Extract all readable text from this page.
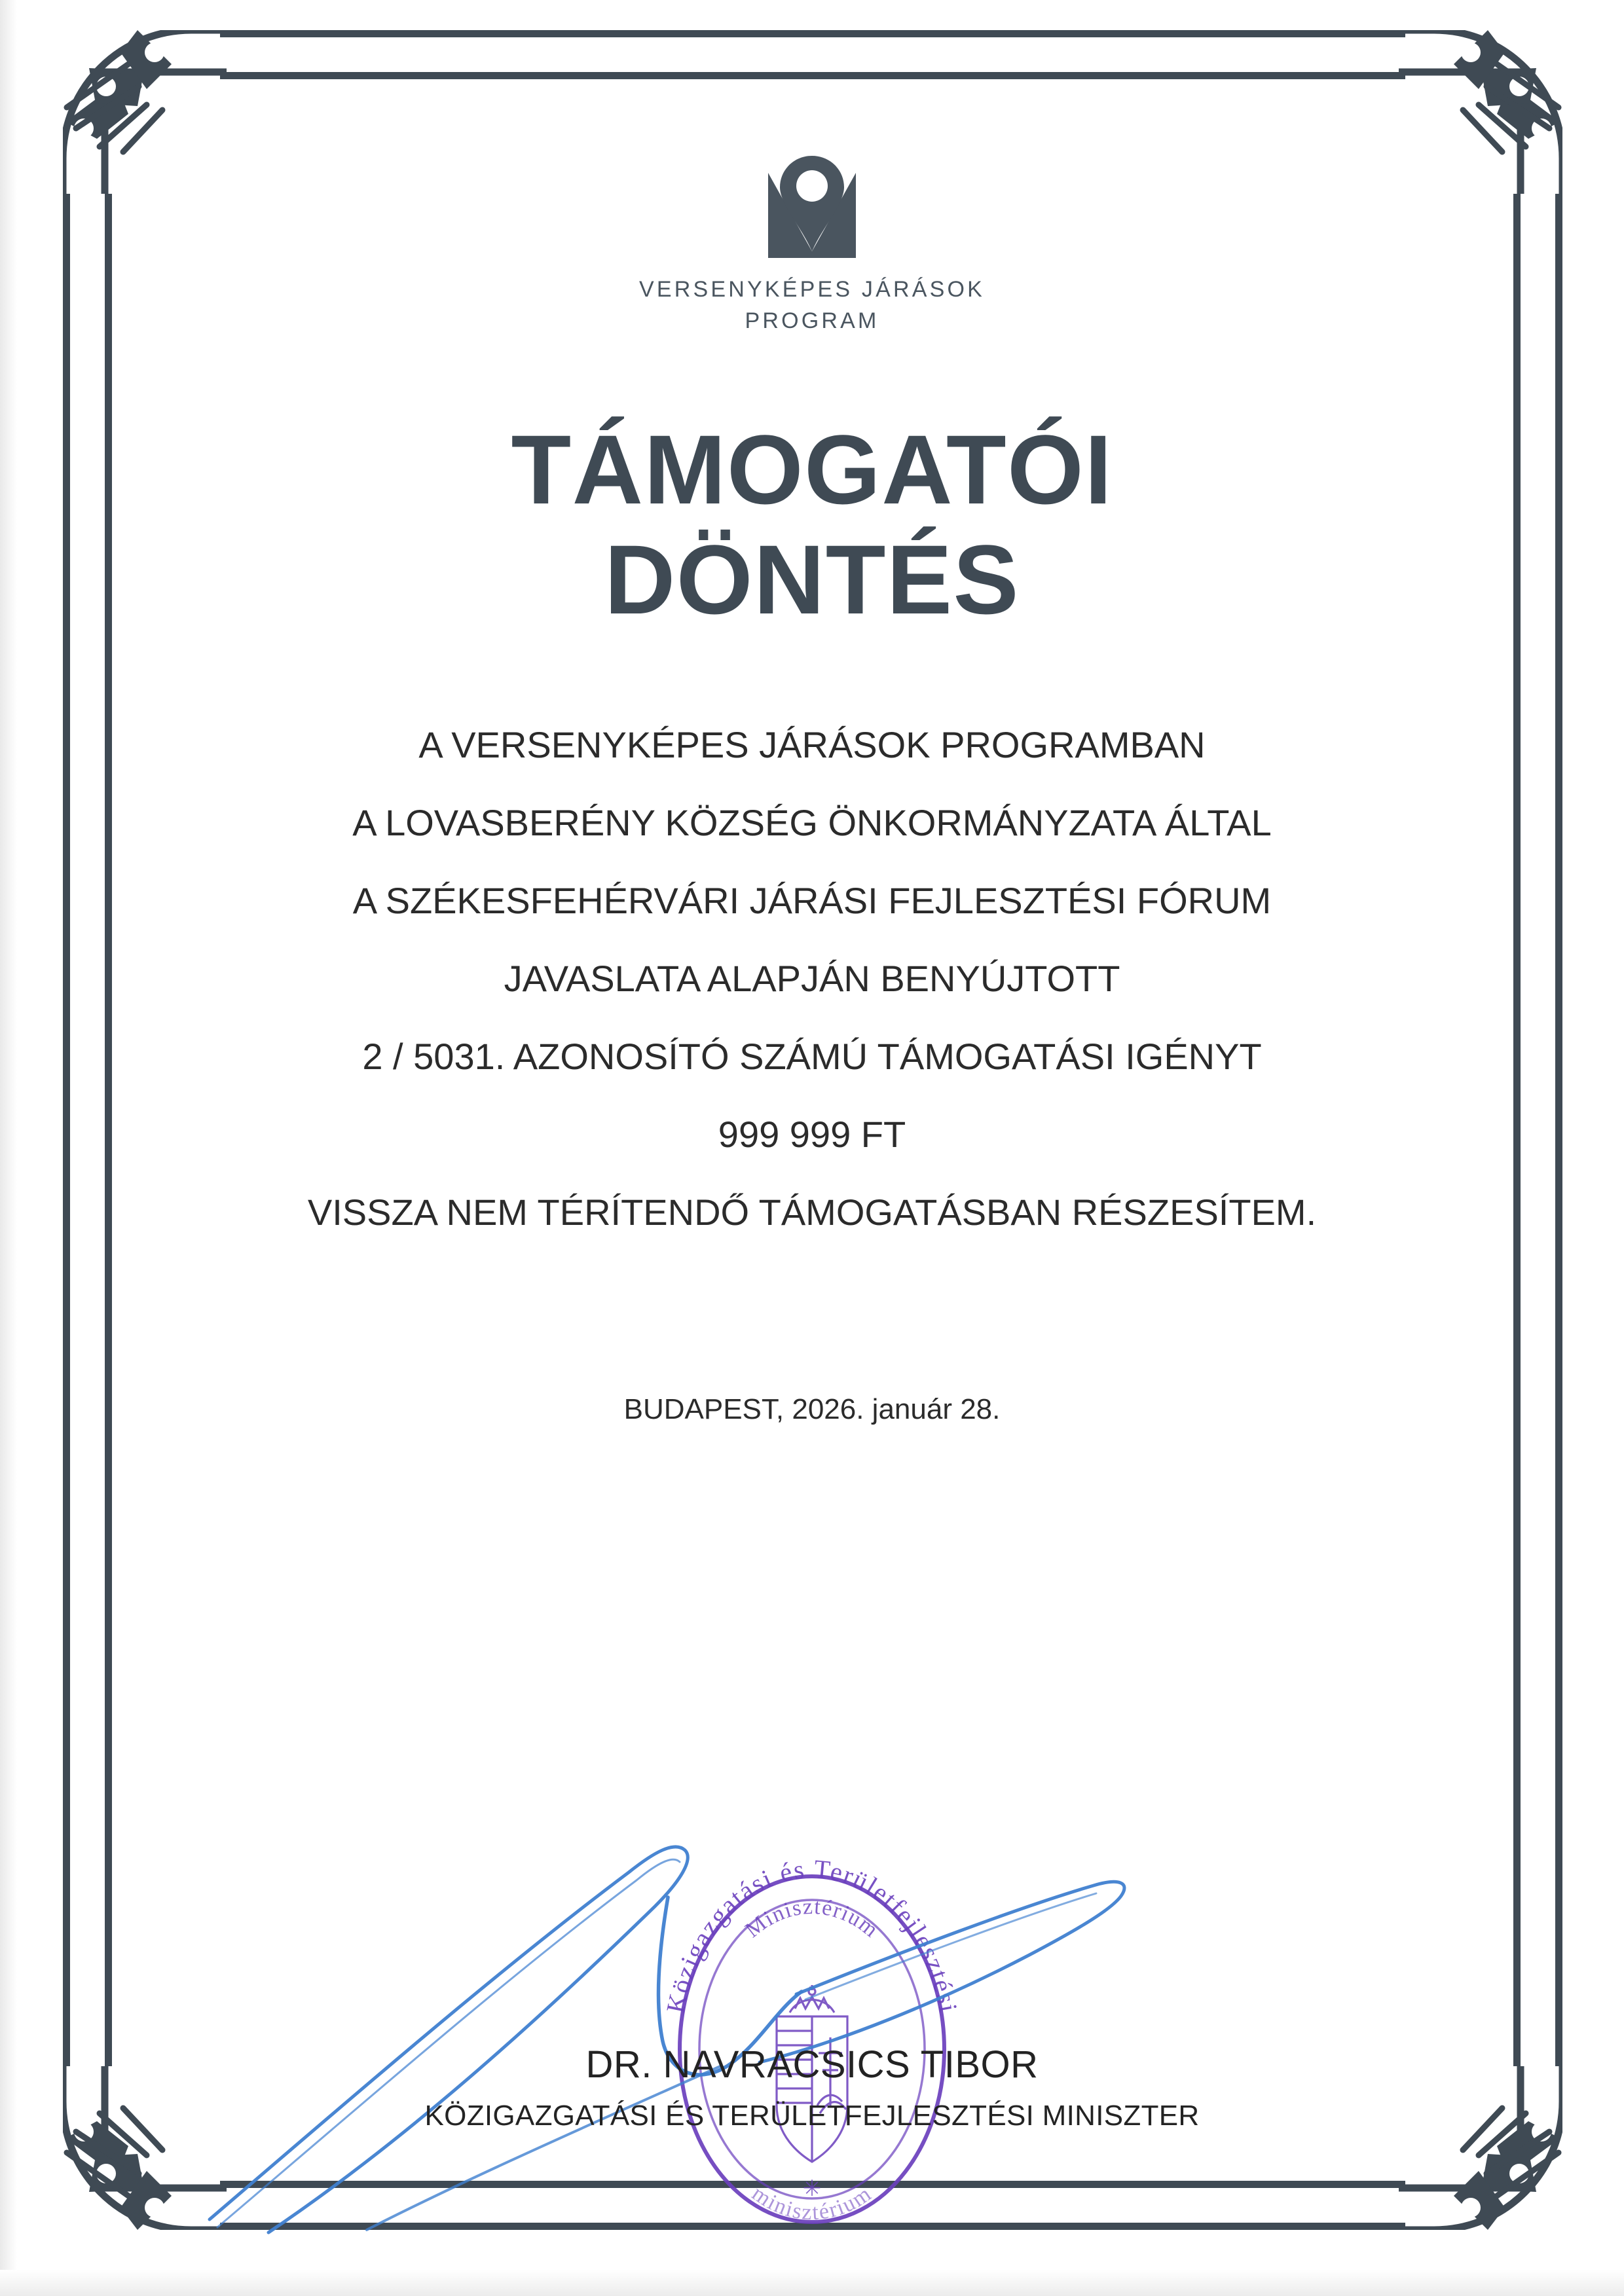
VERSENYKÉPES JÁRÁSOK
PROGRAM
TÁMOGATÓI
DÖNTÉS
A VERSENYKÉPES JÁRÁSOK PROGRAMBAN
A LOVASBERÉNY KÖZSÉG ÖNKORMÁNYZATA ÁLTAL
A SZÉKESFEHÉRVÁRI JÁRÁSI FEJLESZTÉSI FÓRUM
JAVASLATA ALAPJÁN BENYÚJTOTT
2 / 5031. AZONOSÍTÓ SZÁMÚ TÁMOGATÁSI IGÉNYT
999 999 FT
VISSZA NEM TÉRÍTENDŐ TÁMOGATÁSBAN RÉSZESÍTEM.
BUDAPEST, 2026. január 28.
Közigazgatási és Területfejlesztési
Minisztérium
✳
minisztérium
DR. NAVRACSICS TIBOR
KÖZIGAZGATÁSI ÉS TERÜLETFEJLESZTÉSI MINISZTER
